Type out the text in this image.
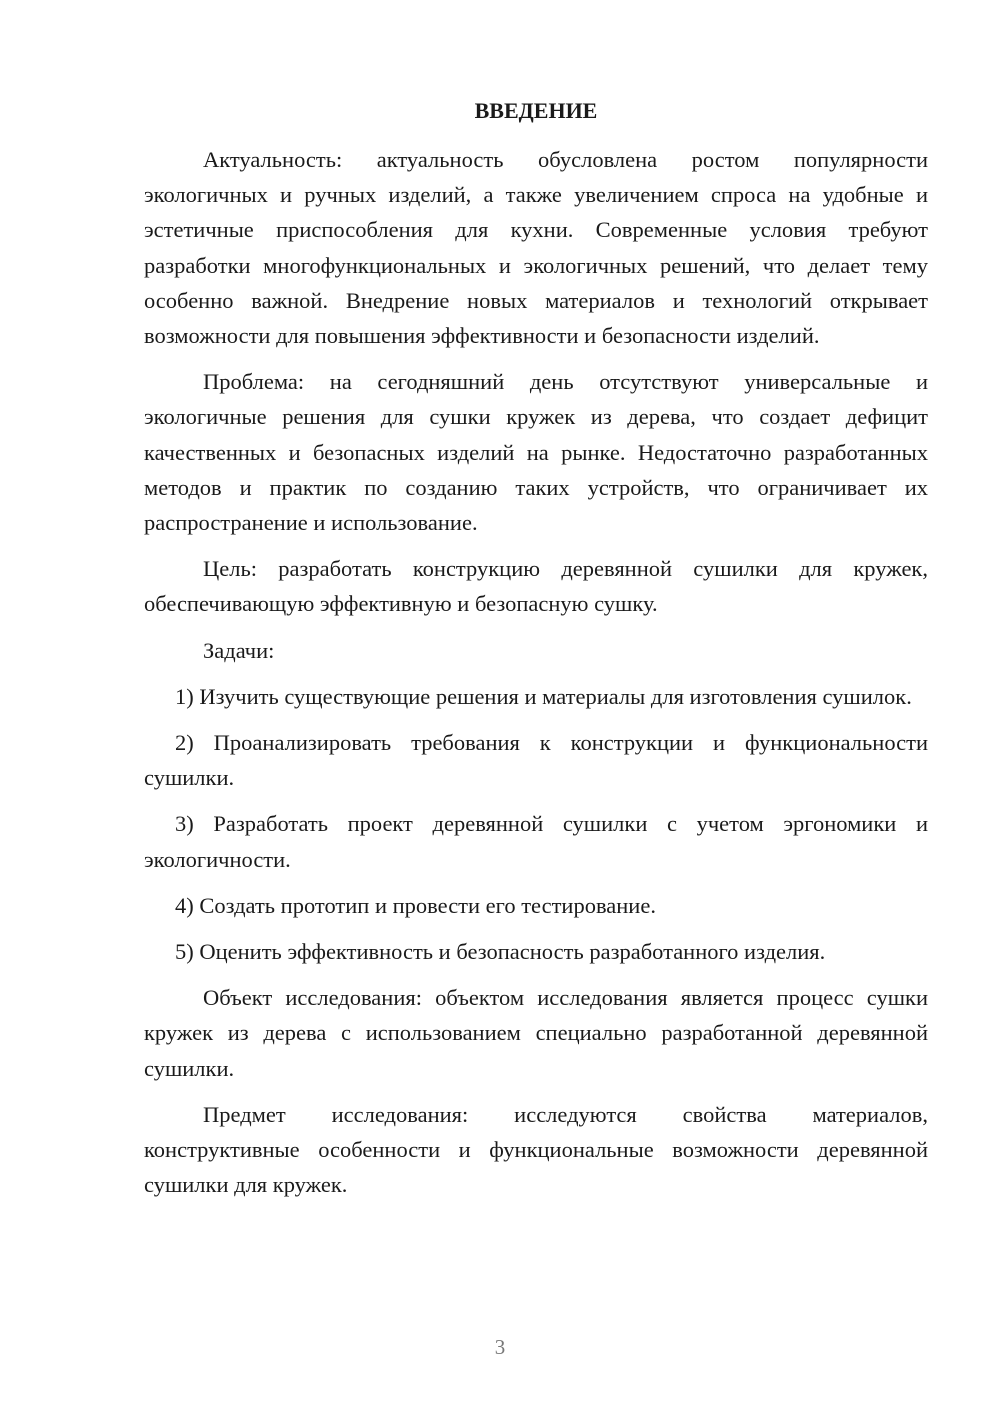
ВВЕДЕНИЕ

Актуальность: актуальность обусловлена ростом популярности экологичных и ручных изделий, а также увеличением спроса на удобные и эстетичные приспособления для кухни. Современные условия требуют разработки многофункциональных и экологичных решений, что делает тему особенно важной. Внедрение новых материалов и технологий открывает возможности для повышения эффективности и безопасности изделий.

Проблема: на сегодняшний день отсутствуют универсальные и экологичные решения для сушки кружек из дерева, что создает дефицит качественных и безопасных изделий на рынке. Недостаточно разработанных методов и практик по созданию таких устройств, что ограничивает их распространение и использование.

Цель: разработать конструкцию деревянной сушилки для кружек, обеспечивающую эффективную и безопасную сушку.

Задачи:

1) Изучить существующие решения и материалы для изготовления сушилок.

2) Проанализировать требования к конструкции и функциональности сушилки.

3) Разработать проект деревянной сушилки с учетом эргономики и экологичности.

4) Создать прототип и провести его тестирование.

5) Оценить эффективность и безопасность разработанного изделия.

Объект исследования: объектом исследования является процесс сушки кружек из дерева с использованием специально разработанной деревянной сушилки.

Предмет исследования: исследуются свойства материалов, конструктивные особенности и функциональные возможности деревянной сушилки для кружек.

3
